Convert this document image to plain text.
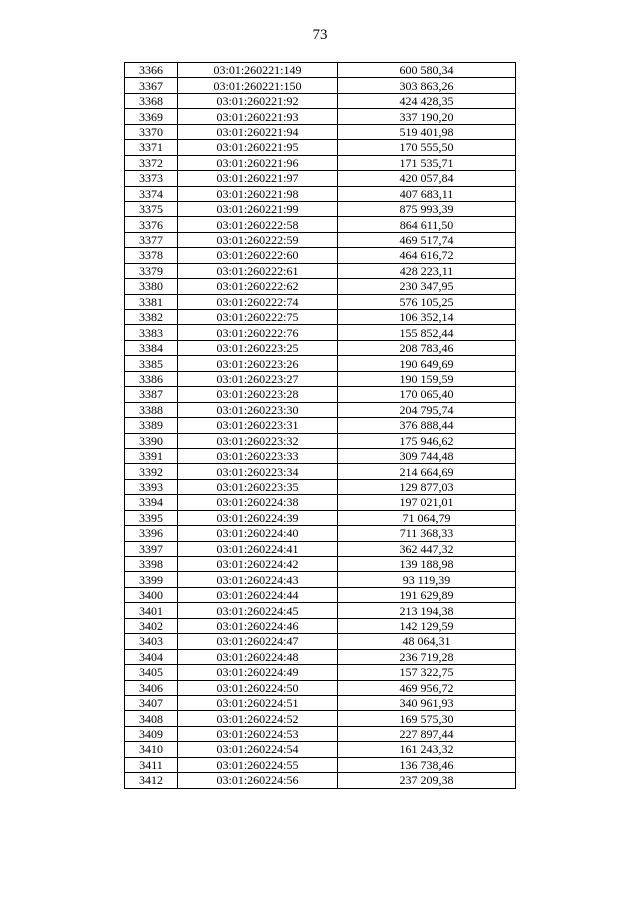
73
3366	03:01:260221:149	600 580,34
3367	03:01:260221:150	303 863,26
3368	03:01:260221:92	424 428,35
3369	03:01:260221:93	337 190,20
3370	03:01:260221:94	519 401,98
3371	03:01:260221:95	170 555,50
3372	03:01:260221:96	171 535,71
3373	03:01:260221:97	420 057,84
3374	03:01:260221:98	407 683,11
3375	03:01:260221:99	875 993,39
3376	03:01:260222:58	864 611,50
3377	03:01:260222:59	469 517,74
3378	03:01:260222:60	464 616,72
3379	03:01:260222:61	428 223,11
3380	03:01:260222:62	230 347,95
3381	03:01:260222:74	576 105,25
3382	03:01:260222:75	106 352,14
3383	03:01:260222:76	155 852,44
3384	03:01:260223:25	208 783,46
3385	03:01:260223:26	190 649,69
3386	03:01:260223:27	190 159,59
3387	03:01:260223:28	170 065,40
3388	03:01:260223:30	204 795,74
3389	03:01:260223:31	376 888,44
3390	03:01:260223:32	175 946,62
3391	03:01:260223:33	309 744,48
3392	03:01:260223:34	214 664,69
3393	03:01:260223:35	129 877,03
3394	03:01:260224:38	197 021,01
3395	03:01:260224:39	71 064,79
3396	03:01:260224:40	711 368,33
3397	03:01:260224:41	362 447,32
3398	03:01:260224:42	139 188,98
3399	03:01:260224:43	93 119,39
3400	03:01:260224:44	191 629,89
3401	03:01:260224:45	213 194,38
3402	03:01:260224:46	142 129,59
3403	03:01:260224:47	48 064,31
3404	03:01:260224:48	236 719,28
3405	03:01:260224:49	157 322,75
3406	03:01:260224:50	469 956,72
3407	03:01:260224:51	340 961,93
3408	03:01:260224:52	169 575,30
3409	03:01:260224:53	227 897,44
3410	03:01:260224:54	161 243,32
3411	03:01:260224:55	136 738,46
3412	03:01:260224:56	237 209,38
